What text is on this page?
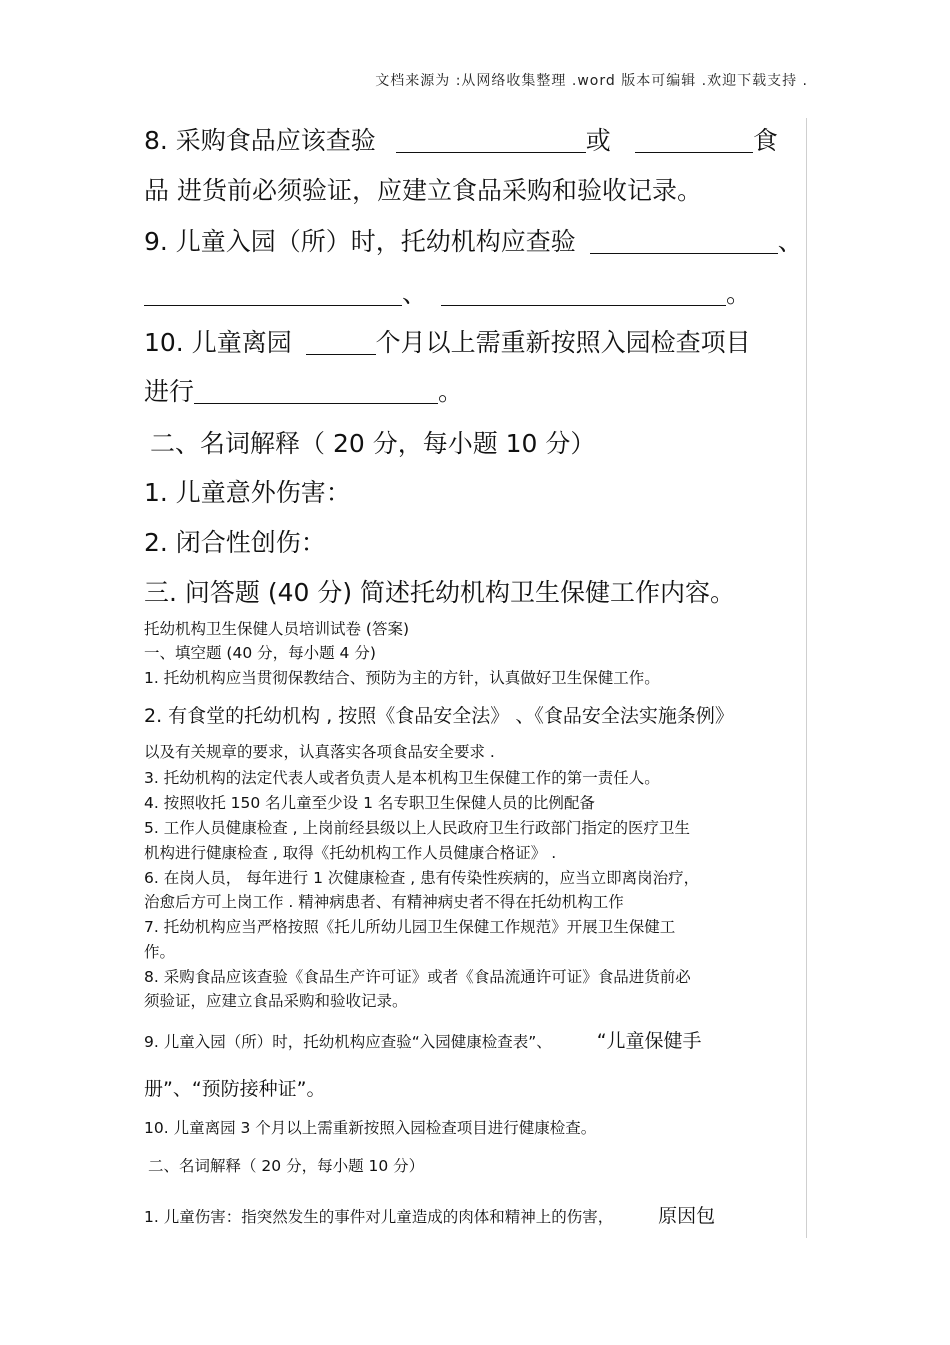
文档来源为 :从网络收集整理 .word 版本可编辑 .欢迎下载支持 .
8. 采购食品应该查验	或	食
品 进货前必须验证，应建立食品采购和验收记录。
9. 儿童入园（所）时，托幼机构应查验	、
、	。
10. 儿童离园	个月以上需重新按照入园检查项目
进行	。
二、名词解释（ 20 分，每小题 10 分）
1. 儿童意外伤害：
2. 闭合性创伤：
三. 问答题 (40 分) 简述托幼机构卫生保健工作内容。
托幼机构卫生保健人员培训试卷 (答案)
一、填空题 (40 分，每小题 4 分)
1. 托幼机构应当贯彻保教结合、预防为主的方针，认真做好卫生保健工作。
2. 有食堂的托幼机构 , 按照《食品安全法》 、《食品安全法实施条例》
以及有关规章的要求，认真落实各项食品安全要求 .
3. 托幼机构的法定代表人或者负责人是本机构卫生保健工作的第一责任人。
4. 按照收托 150 名儿童至少设 1 名专职卫生保健人员的比例配备
5. 工作人员健康检查 , 上岗前经县级以上人民政府卫生行政部门指定的医疗卫生
机构进行健康检查 , 取得《托幼机构工作人员健康合格证》 .
6. 在岗人员， 每年进行 1 次健康检查 , 患有传染性疾病的，应当立即离岗治疗，
治愈后方可上岗工作 . 精神病患者、有精神病史者不得在托幼机构工作
7. 托幼机构应当严格按照《托儿所幼儿园卫生保健工作规范》开展卫生保健工
作。
8. 采购食品应该查验《食品生产许可证》或者《食品流通许可证》食品进货前必
须验证，应建立食品采购和验收记录。
9. 儿童入园（所）时，托幼机构应查验“入园健康检查表”、 “儿童保健手
册”、“预防接种证”。
10. 儿童离园 3 个月以上需重新按照入园检查项目进行健康检查。
二、名词解释（ 20 分，每小题 10 分）
1. 儿童伤害：指突然发生的事件对儿童造成的肉体和精神上的伤害， 原因包
